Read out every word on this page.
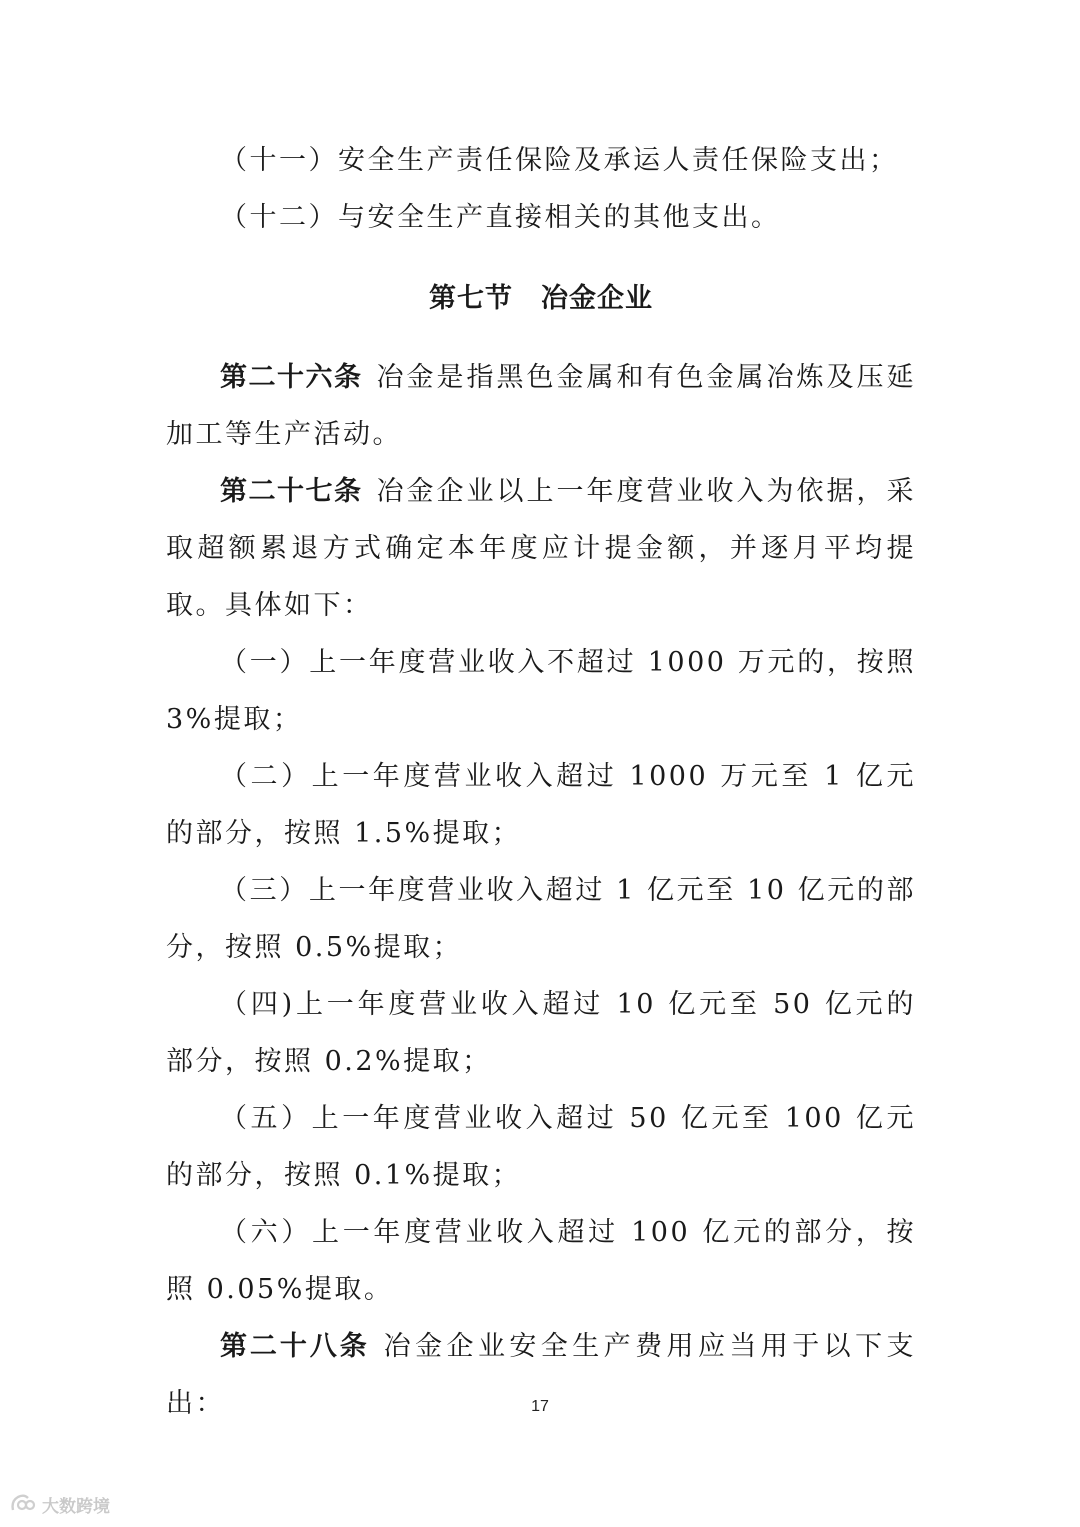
（十一）安全生产责任保险及承运人责任保险支出；

（十二）与安全生产直接相关的其他支出。

第七节　冶金企业

第二十六条 冶金是指黑色金属和有色金属冶炼及压延加工等生产活动。

第二十七条 冶金企业以上一年度营业收入为依据，采取超额累退方式确定本年度应计提金额，并逐月平均提取。具体如下：

（一）上一年度营业收入不超过 1000 万元的，按照 3%提取；

（二）上一年度营业收入超过 1000 万元至 1 亿元的部分，按照 1.5%提取；

（三）上一年度营业收入超过 1 亿元至 10 亿元的部分，按照 0.5%提取；

（四)上一年度营业收入超过 10 亿元至 50 亿元的部分，按照 0.2%提取；

（五）上一年度营业收入超过 50 亿元至 100 亿元的部分，按照 0.1%提取；

（六）上一年度营业收入超过 100 亿元的部分，按照 0.05%提取。

第二十八条 冶金企业安全生产费用应当用于以下支出：	17
大数跨境
